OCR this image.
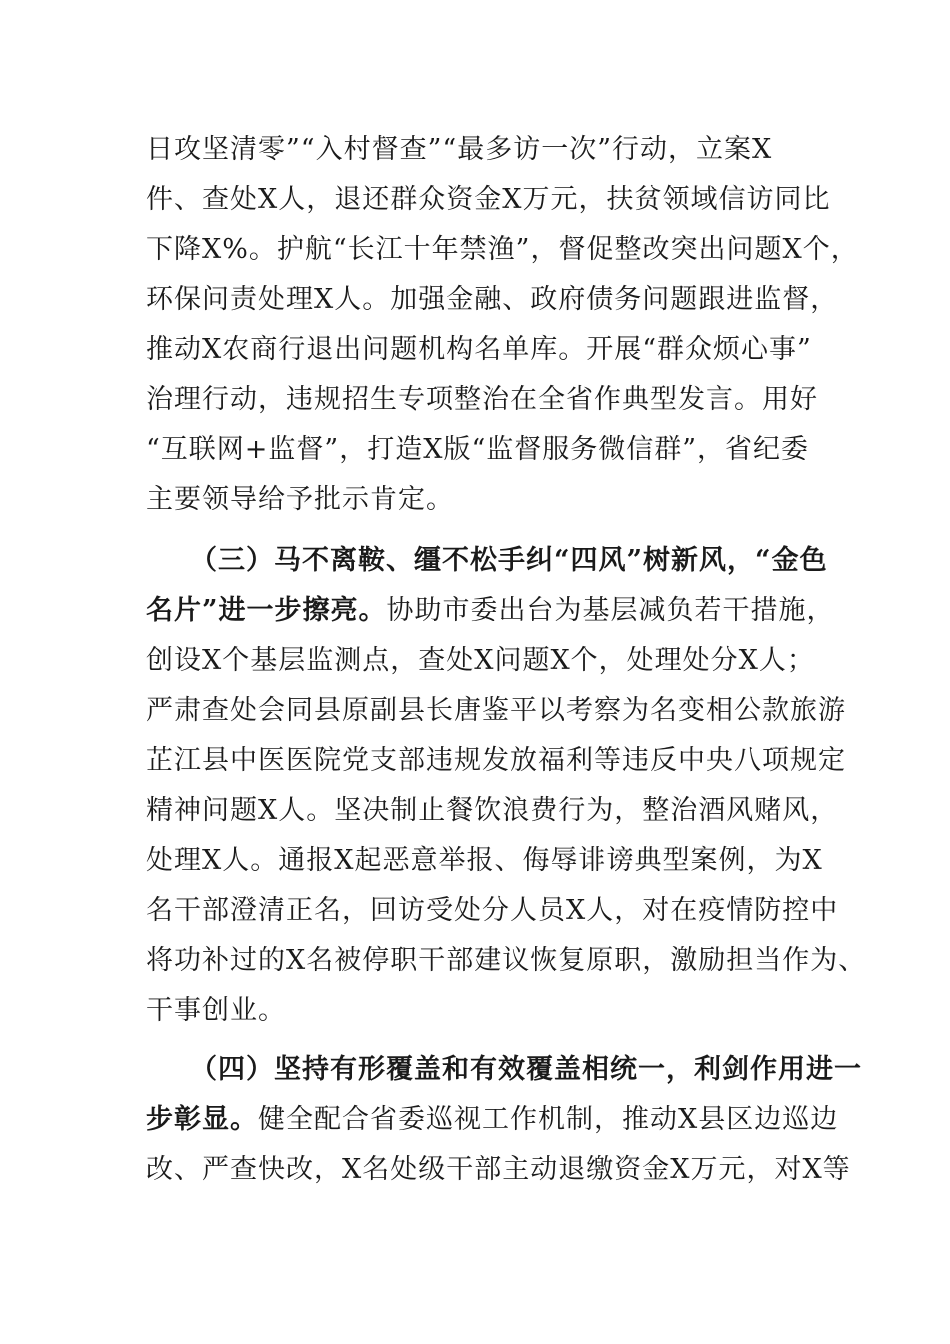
日攻坚清零”“入村督查”“最多访一次”行动，立案X
件、查处X人，退还群众资金X万元，扶贫领域信访同比
下降X%。护航“长江十年禁渔”，督促整改突出问题X个，
环保问责处理X人。加强金融、政府债务问题跟进监督，
推动X农商行退出问题机构名单库。开展“群众烦心事”
治理行动，违规招生专项整治在全省作典型发言。用好
“互联网+监督”，打造X版“监督服务微信群”，省纪委
主要领导给予批示肯定。
（三）马不离鞍、缰不松手纠“四风”树新风，“金色
名片”进一步擦亮。协助市委出台为基层减负若干措施，
创设X个基层监测点，查处X问题X个，处理处分X人；
严肃查处会同县原副县长唐鉴平以考察为名变相公款旅游
芷江县中医医院党支部违规发放福利等违反中央八项规定
精神问题X人。坚决制止餐饮浪费行为，整治酒风赌风，
处理X人。通报X起恶意举报、侮辱诽谤典型案例，为X
名干部澄清正名，回访受处分人员X人，对在疫情防控中
将功补过的X名被停职干部建议恢复原职，激励担当作为、
干事创业。
（四）坚持有形覆盖和有效覆盖相统一，利剑作用进一
步彰显。健全配合省委巡视工作机制，推动X县区边巡边
改、严查快改，X名处级干部主动退缴资金X万元，对X等
